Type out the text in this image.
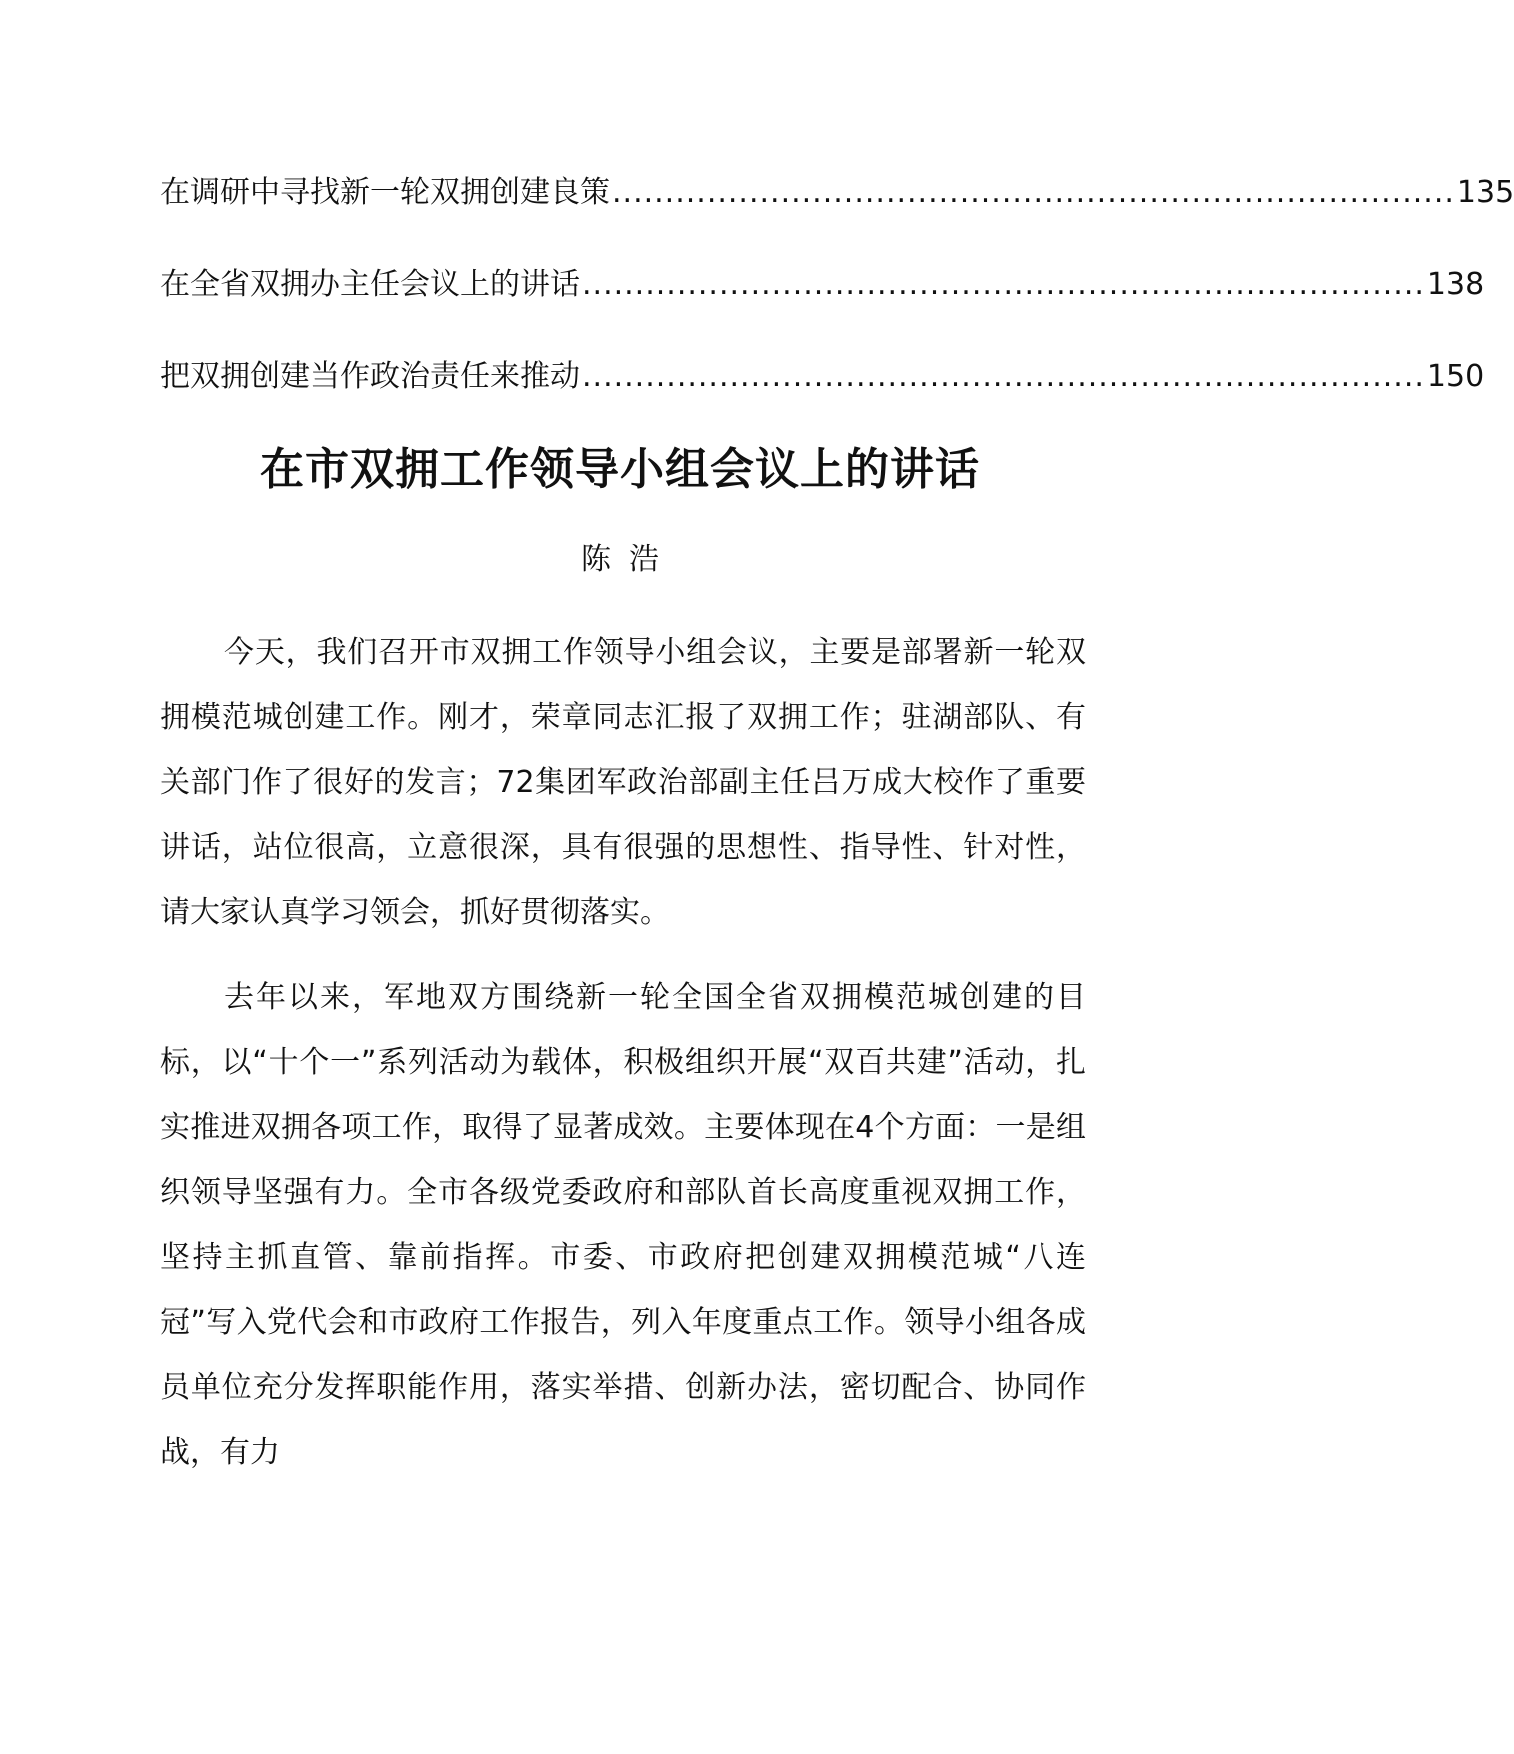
在调研中寻找新一轮双拥创建良策 ................................................................................ 135
在全省双拥办主任会议上的讲话 ................................................................................ 138
把双拥创建当作政治责任来推动 ................................................................................ 150
在市双拥工作领导小组会议上的讲话
陈浩

今天，我们召开市双拥工作领导小组会议，主要是部署新一轮双拥模范城创建工作。刚才，荣章同志汇报了双拥工作；驻湖部队、有关部门作了很好的发言；72集团军政治部副主任吕万成大校作了重要讲话，站位很高，立意很深，具有很强的思想性、指导性、针对性，请大家认真学习领会，抓好贯彻落实。

去年以来，军地双方围绕新一轮全国全省双拥模范城创建的目标，以“十个一”系列活动为载体，积极组织开展“双百共建”活动，扎实推进双拥各项工作，取得了显著成效。主要体现在4个方面：一是组织领导坚强有力。全市各级党委政府和部队首长高度重视双拥工作，坚持主抓直管、靠前指挥。市委、市政府把创建双拥模范城“八连冠”写入党代会和市政府工作报告，列入年度重点工作。领导小组各成员单位充分发挥职能作用，落实举措、创新办法，密切配合、协同作战，有力
